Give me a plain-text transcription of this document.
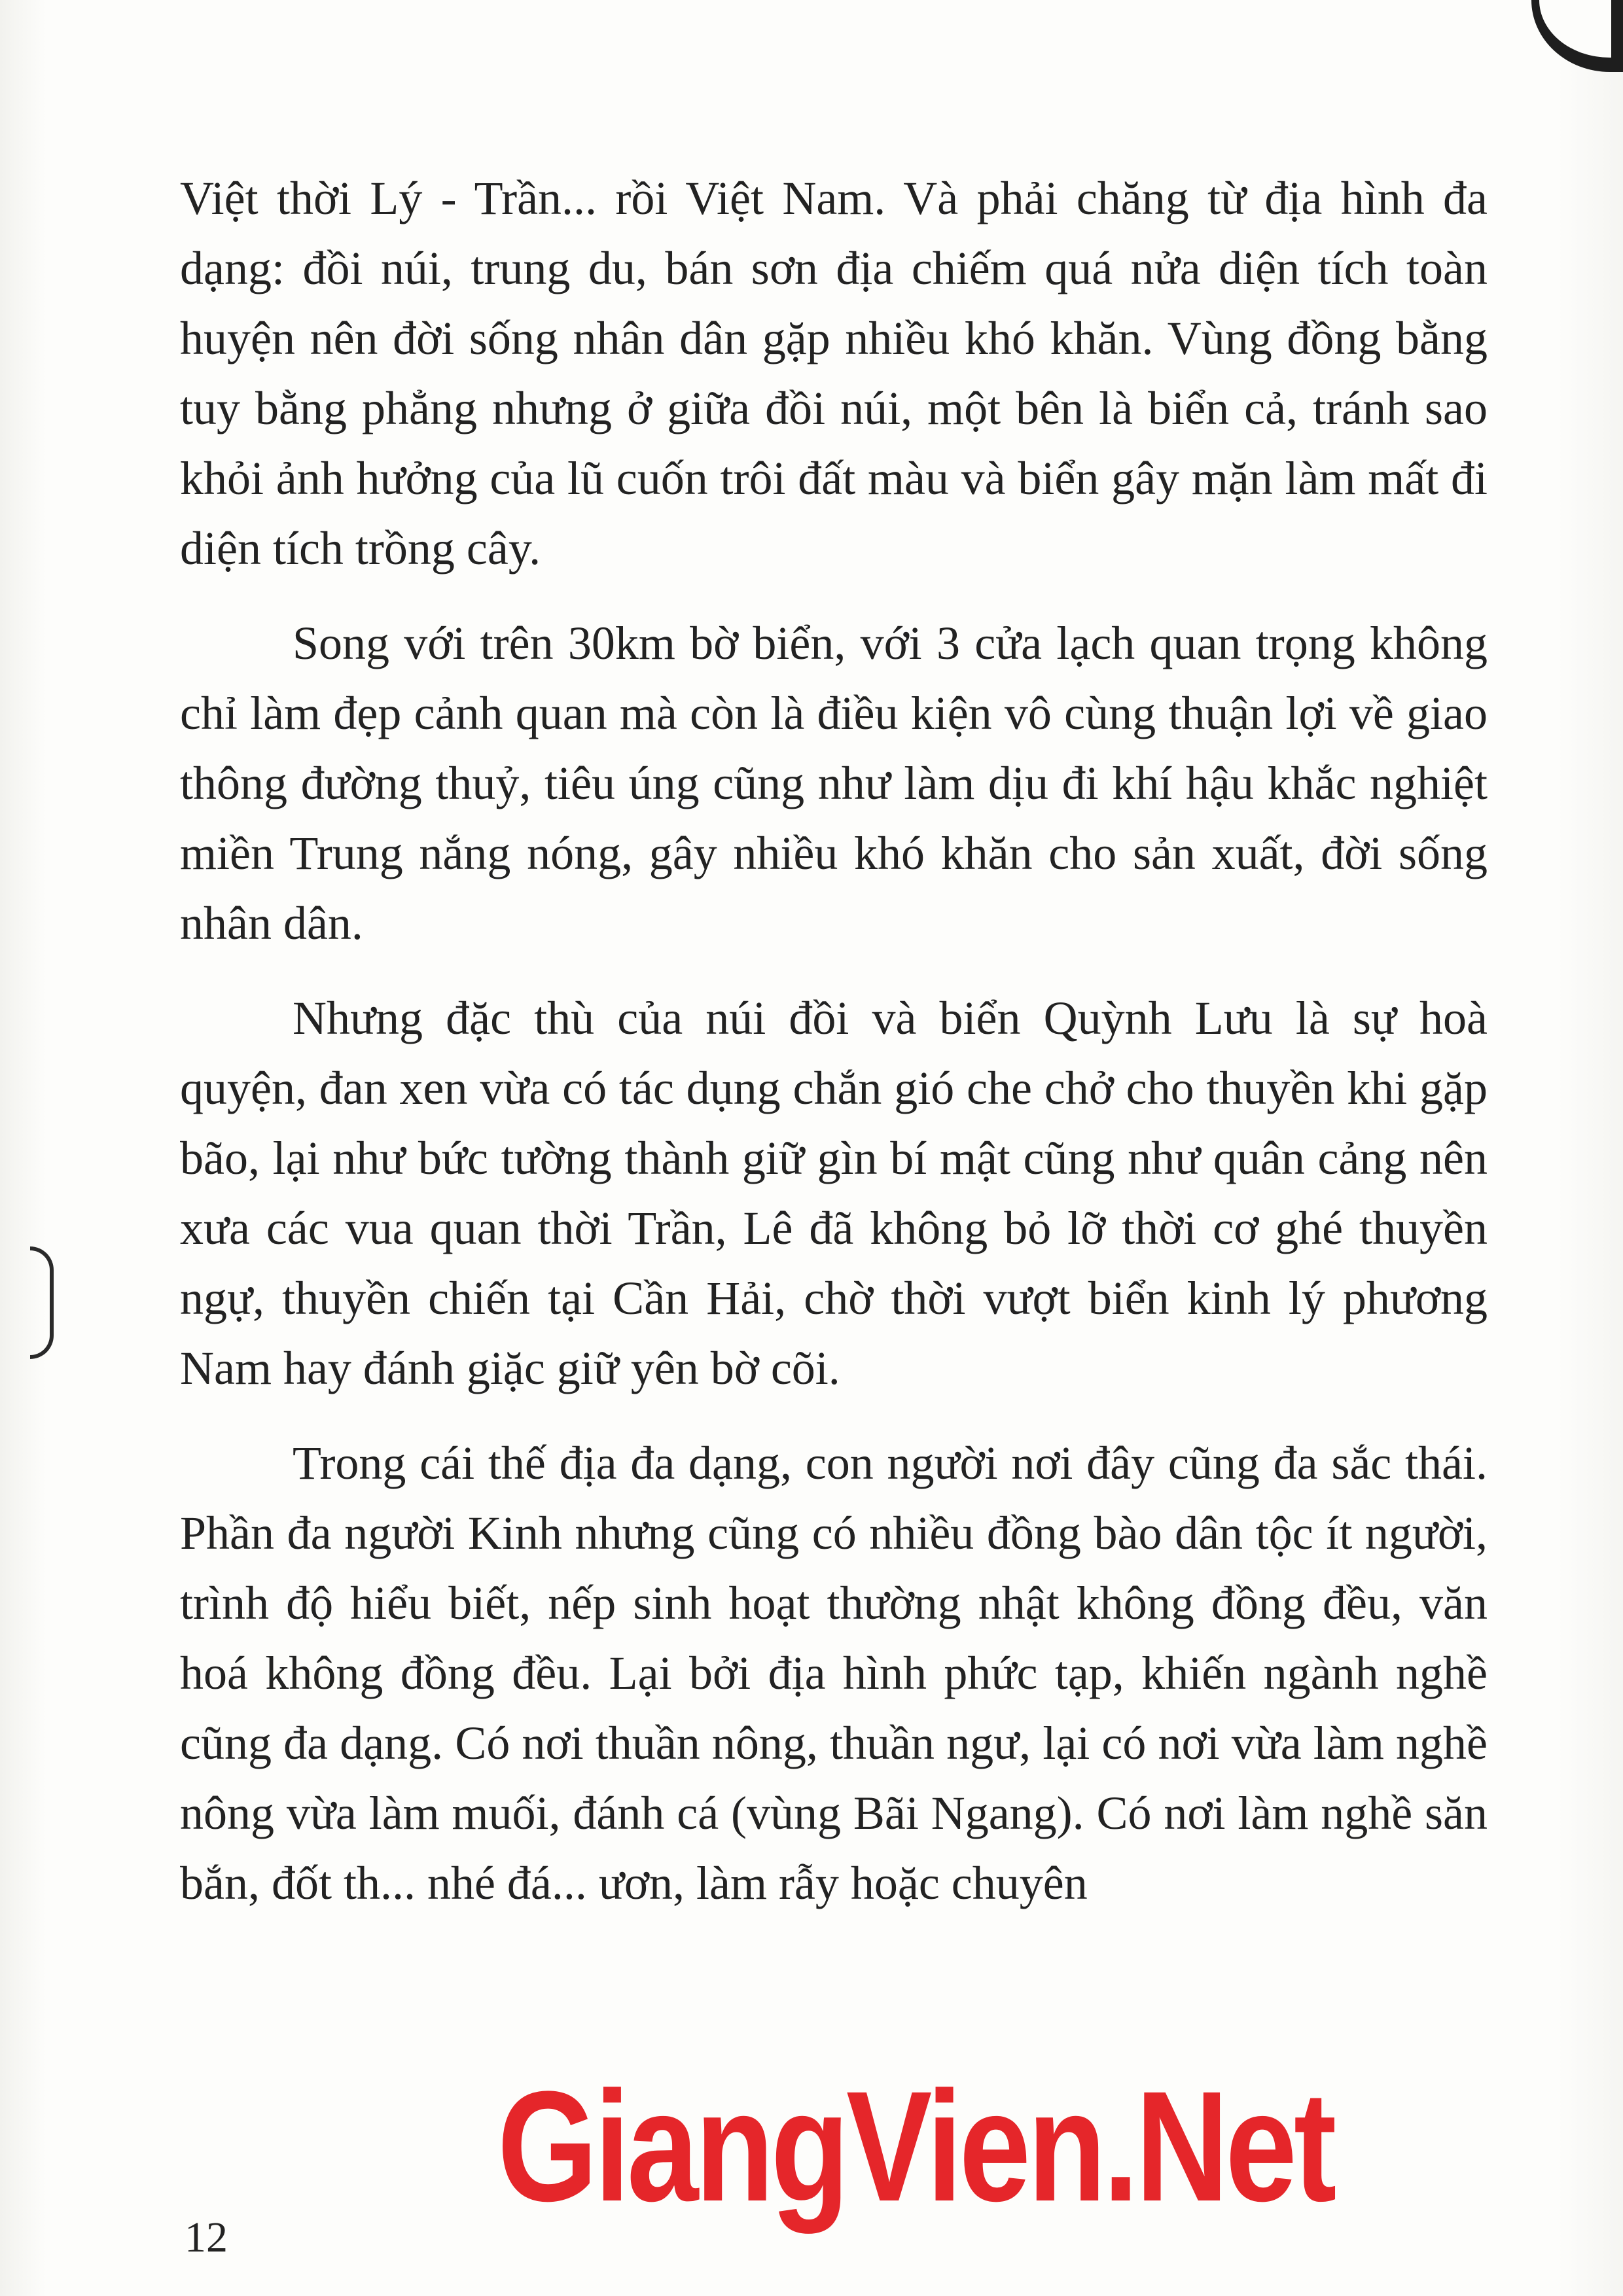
Việt thời Lý - Trần... rồi Việt Nam. Và phải chăng từ địa hình đa dạng: đồi núi, trung du, bán sơn địa chiếm quá nửa diện tích toàn huyện nên đời sống nhân dân gặp nhiều khó khăn. Vùng đồng bằng tuy bằng phẳng nhưng ở giữa đồi núi, một bên là biển cả, tránh sao khỏi ảnh hưởng của lũ cuốn trôi đất màu và biển gây mặn làm mất đi diện tích trồng cây.

Song với trên 30km bờ biển, với 3 cửa lạch quan trọng không chỉ làm đẹp cảnh quan mà còn là điều kiện vô cùng thuận lợi về giao thông đường thuỷ, tiêu úng cũng như làm dịu đi khí hậu khắc nghiệt miền Trung nắng nóng, gây nhiều khó khăn cho sản xuất, đời sống nhân dân.

Nhưng đặc thù của núi đồi và biển Quỳnh Lưu là sự hoà quyện, đan xen vừa có tác dụng chắn gió che chở cho thuyền khi gặp bão, lại như bức tường thành giữ gìn bí mật cũng như quân cảng nên xưa các vua quan thời Trần, Lê đã không bỏ lỡ thời cơ ghé thuyền ngự, thuyền chiến tại Cần Hải, chờ thời vượt biển kinh lý phương Nam hay đánh giặc giữ yên bờ cõi.

Trong cái thế địa đa dạng, con người nơi đây cũng đa sắc thái. Phần đa người Kinh nhưng cũng có nhiều đồng bào dân tộc ít người, trình độ hiểu biết, nếp sinh hoạt thường nhật không đồng đều, văn hoá không đồng đều. Lại bởi địa hình phức tạp, khiến ngành nghề cũng đa dạng. Có nơi thuần nông, thuần ngư, lại có nơi vừa làm nghề nông vừa làm muối, đánh cá (vùng Bãi Ngang). Có nơi làm nghề săn bắn, đốt th... nhé đá... ươn, làm rẫy hoặc chuyên

GiangVien.Net
12
